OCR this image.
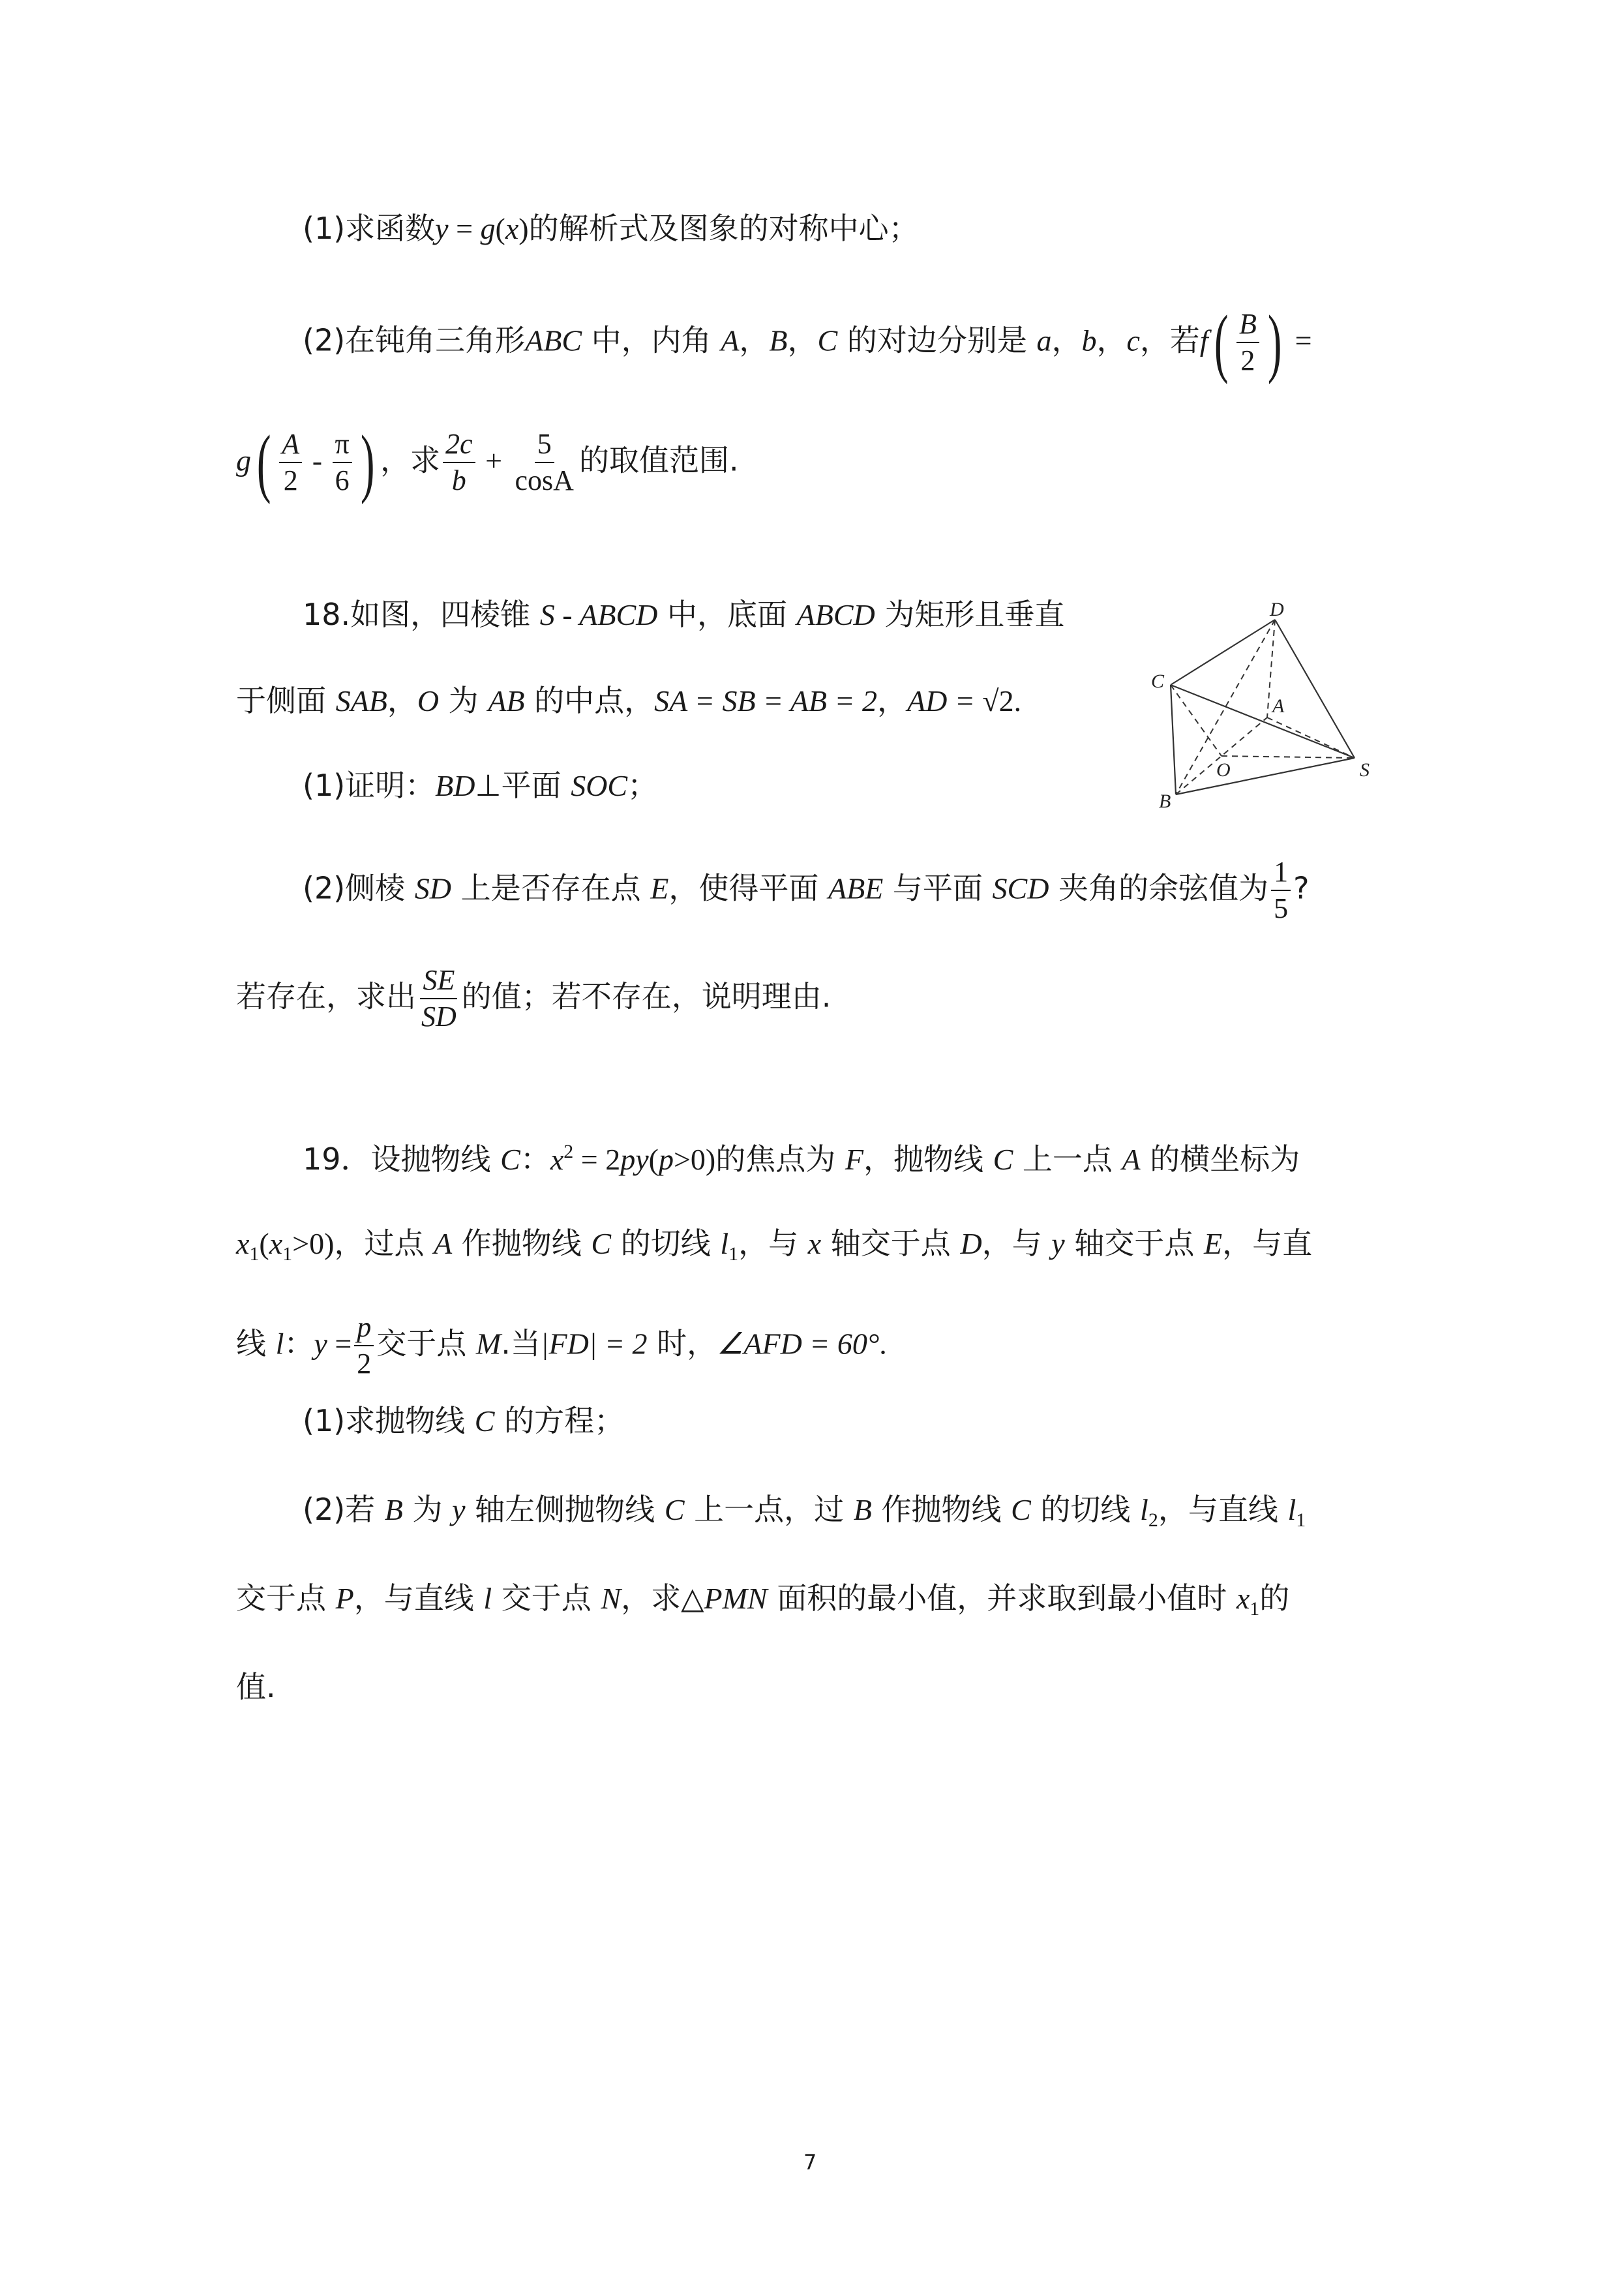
(1)求函数y = g(x)的解析式及图象的对称中心；
(2)在钝角三角形ABC 中，内角 A，B，C 的对边分别是 a，b，c，若$f( \frac{B}{2}$ ) =
$g( \frac{A}{2} - \frac{\pi}{6}$ ) ，求 $\frac{2c}{b} + \frac{5}{\cos A}$ 的取值范围.
18.如图，四棱锥 S - ABCD 中，底面 ABCD 为矩形且垂直
于侧面 SAB，O 为 AB 的中点，SA = SB = AB = 2，AD = √2.
(1)证明：BD⊥平面 SOC；
(2)侧棱 SD 上是否存在点 E，使得平面 ABE 与平面 SCD 夹角的余弦值为 $\frac{1}{5}$ ?
若存在，求出 $\frac{SE}{SD}$ 的值；若不存在，说明理由.
D
C
A
O	S
B
19．设抛物线 C：$x^2 = 2py(p>0)$的焦点为 F，抛物线 C 上一点 A 的横坐标为
$x_1(x_1>0)$，过点 A 作抛物线 C 的切线 $l_1$，与 x 轴交于点 D，与 y 轴交于点 E，与直
线 l：$y = \frac{p}{2}$ 交于点 M.当|FD| = 2 时，∠AFD = 60°.
(1)求抛物线 C 的方程；
(2)若 B 为 y 轴左侧抛物线 C 上一点，过 B 作抛物线 C 的切线 $l_2$，与直线 $l_1$
交于点 P，与直线 l 交于点 N，求△PMN 面积的最小值，并求取到最小值时 $x_1$的
值.
7
